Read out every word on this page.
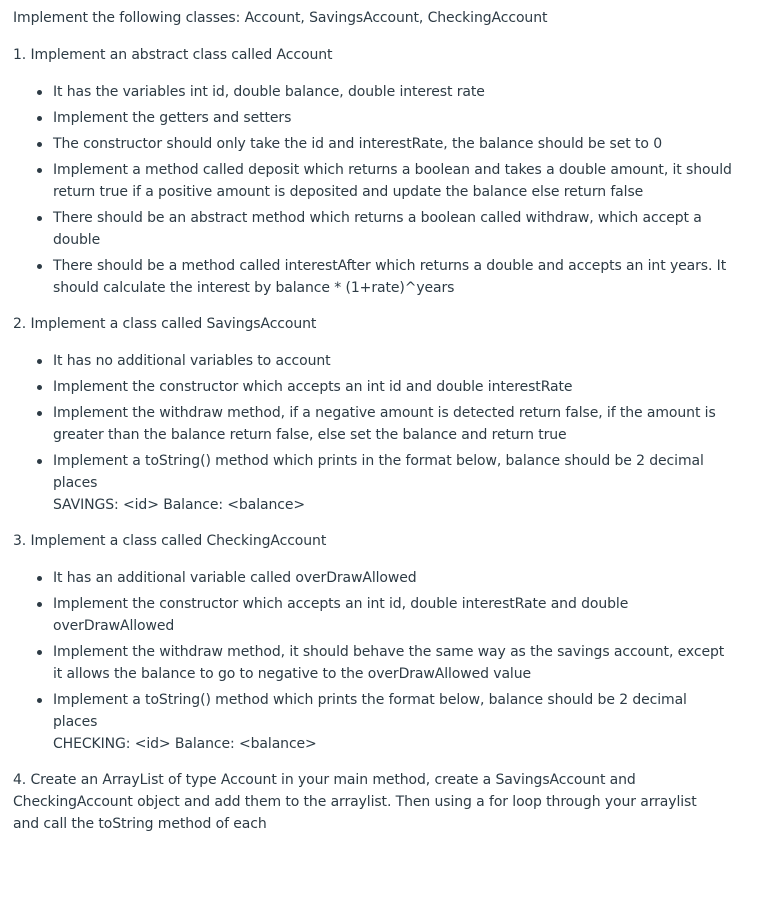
Implement the following classes: Account, SavingsAccount, CheckingAccount
1. Implement an abstract class called Account
It has the variables int id, double balance, double interest rate
Implement the getters and setters
The constructor should only take the id and interestRate, the balance should be set to 0
Implement a method called deposit which returns a boolean and takes a double amount, it should return true if a positive amount is deposited and update the balance else return false
There should be an abstract method which returns a boolean called withdraw, which accept a double
There should be a method called interestAfter which returns a double and accepts an int years. It should calculate the interest by balance * (1+rate)^years
2. Implement a class called SavingsAccount
It has no additional variables to account
Implement the constructor which accepts an int id and double interestRate
Implement the withdraw method, if a negative amount is detected return false, if the amount is greater than the balance return false, else set the balance and return true
Implement a toString() method which prints in the format below, balance should be 2 decimal places
SAVINGS: <id> Balance: <balance>
3. Implement a class called CheckingAccount
It has an additional variable called overDrawAllowed
Implement the constructor which accepts an int id, double interestRate and double overDrawAllowed
Implement the withdraw method, it should behave the same way as the savings account, except it allows the balance to go to negative to the overDrawAllowed value
Implement a toString() method which prints the format below, balance should be 2 decimal places
CHECKING: <id> Balance: <balance>
4. Create an ArrayList of type Account in your main method, create a SavingsAccount and CheckingAccount object and add them to the arraylist. Then using a for loop through your arraylist and call the toString method of each
